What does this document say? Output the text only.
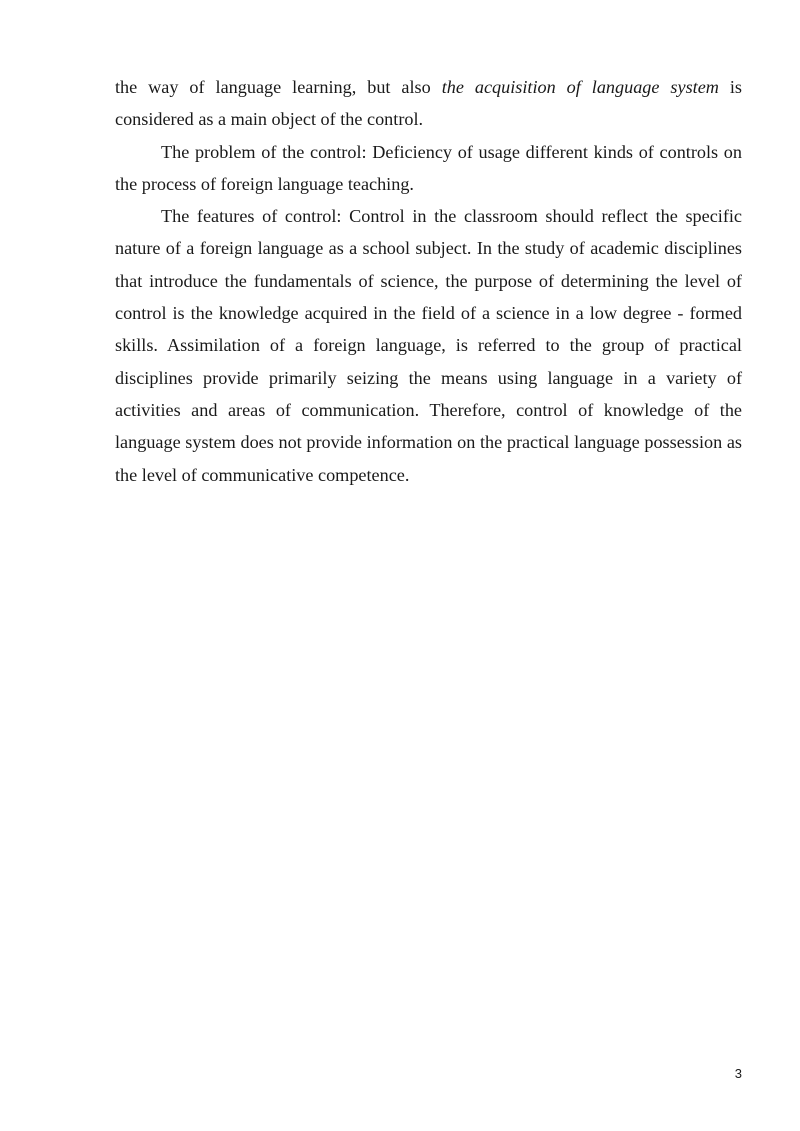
the way of language learning, but also the acquisition of language system is considered as a main object of the control.

The problem of the control: Deficiency of usage different kinds of controls on the process of foreign language teaching.

The features of control: Control in the classroom should reflect the specific nature of a foreign language as a school subject. In the study of academic disciplines that introduce the fundamentals of science, the purpose of determining the level of control is the knowledge acquired in the field of a science in a low degree - formed skills. Assimilation of a foreign language, is referred to the group of practical disciplines provide primarily seizing the means using language in a variety of activities and areas of communication. Therefore, control of knowledge of the language system does not provide information on the practical language possession as the level of communicative competence.

3
